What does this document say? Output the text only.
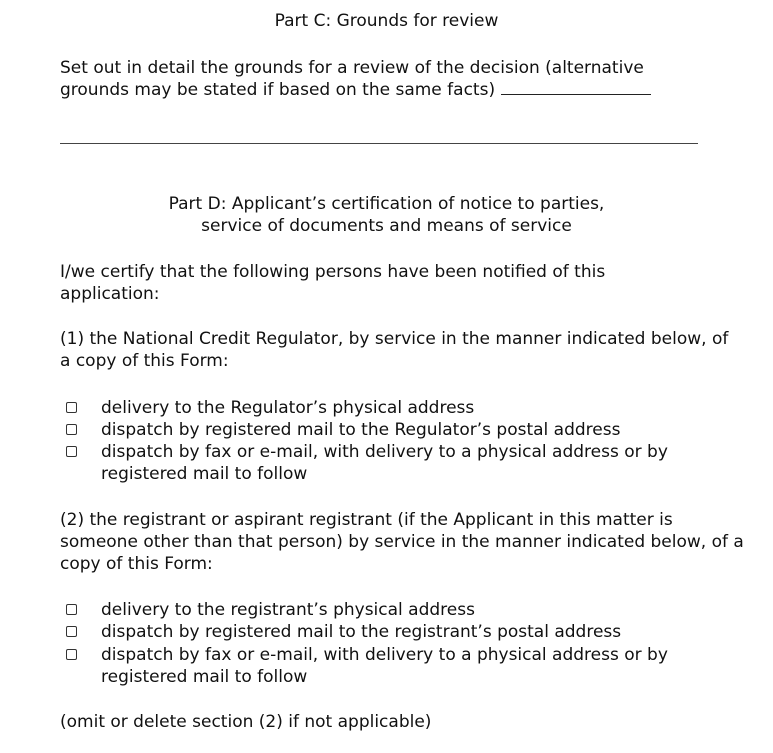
Part C: Grounds for review
Set out in detail the grounds for a review of the decision (alternative
grounds may be stated if based on the same facts)
Part D: Applicant’s certification of notice to parties,
service of documents and means of service
I/we certify that the following persons have been notified of this application:
(1) the National Credit Regulator, by service in the manner indicated below, of a copy of this Form:
delivery to the Regulator’s physical address
dispatch by registered mail to the Regulator’s postal address
dispatch by fax or e-mail, with delivery to a physical address or by registered mail to follow
(2) the registrant or aspirant registrant (if the Applicant in this matter is someone other than that person) by service in the manner indicated below, of a copy of this Form:
delivery to the registrant’s physical address
dispatch by registered mail to the registrant’s postal address
dispatch by fax or e-mail, with delivery to a physical address or by registered mail to follow
(omit or delete section (2) if not applicable)
